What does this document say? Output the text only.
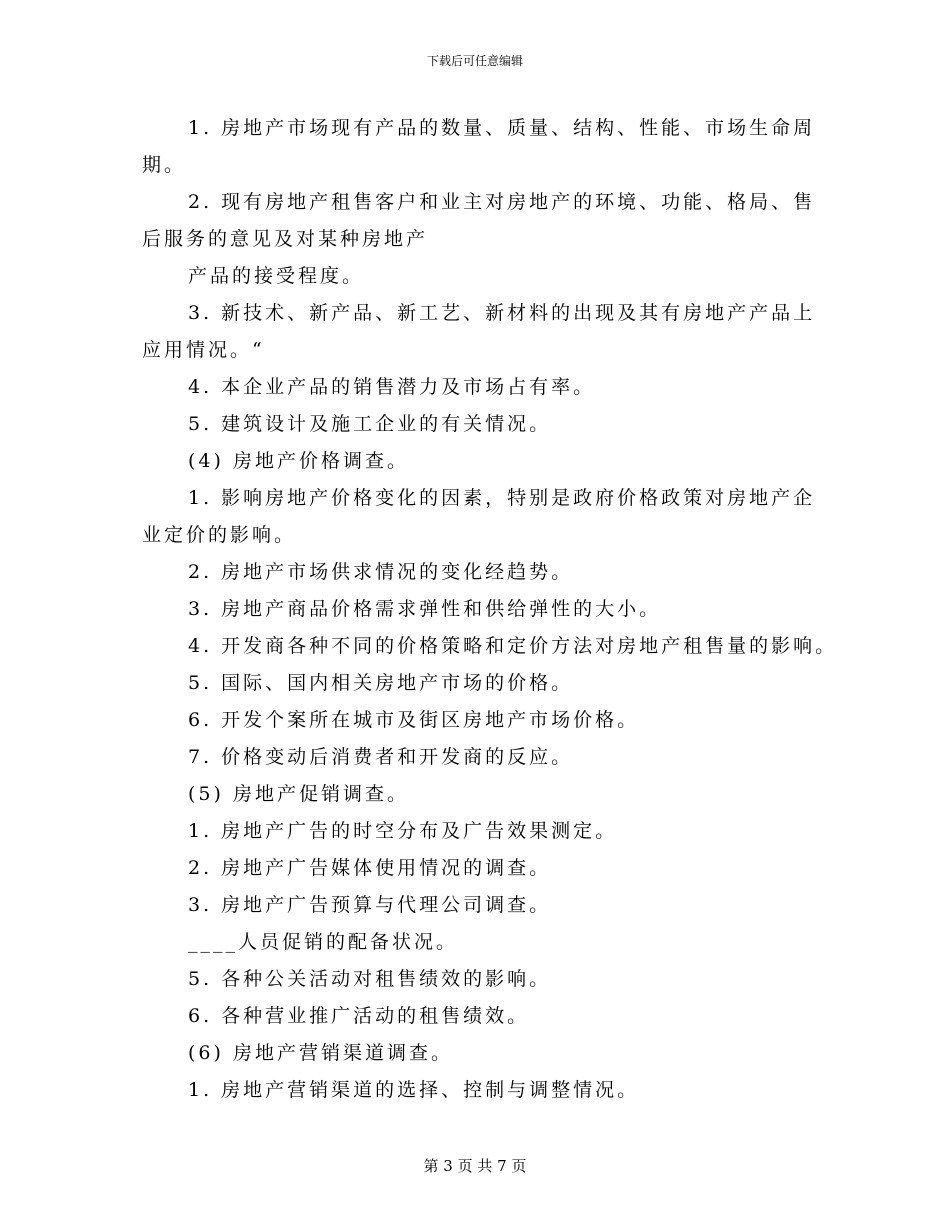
下载后可任意编辑
1. 房地产市场现有产品的数量、质量、结构、性能、市场生命周
期。
2. 现有房地产租售客户和业主对房地产的环境、功能、格局、售
后服务的意见及对某种房地产
产品的接受程度。
3. 新技术、新产品、新工艺、新材料的出现及其有房地产产品上
应用情况。“
4. 本企业产品的销售潜力及市场占有率。
5. 建筑设计及施工企业的有关情况。
(4) 房地产价格调查。
1. 影响房地产价格变化的因素，特别是政府价格政策对房地产企
业定价的影响。
2. 房地产市场供求情况的变化经趋势。
3. 房地产商品价格需求弹性和供给弹性的大小。
4. 开发商各种不同的价格策略和定价方法对房地产租售量的影响。
5. 国际、国内相关房地产市场的价格。
6. 开发个案所在城市及街区房地产市场价格。
7. 价格变动后消费者和开发商的反应。
(5) 房地产促销调查。
1. 房地产广告的时空分布及广告效果测定。
2. 房地产广告媒体使用情况的调查。
3. 房地产广告预算与代理公司调查。
____人员促销的配备状况。
5. 各种公关活动对租售绩效的影响。
6. 各种营业推广活动的租售绩效。
(6) 房地产营销渠道调查。
1. 房地产营销渠道的选择、控制与调整情况。
第 3 页 共 7 页
